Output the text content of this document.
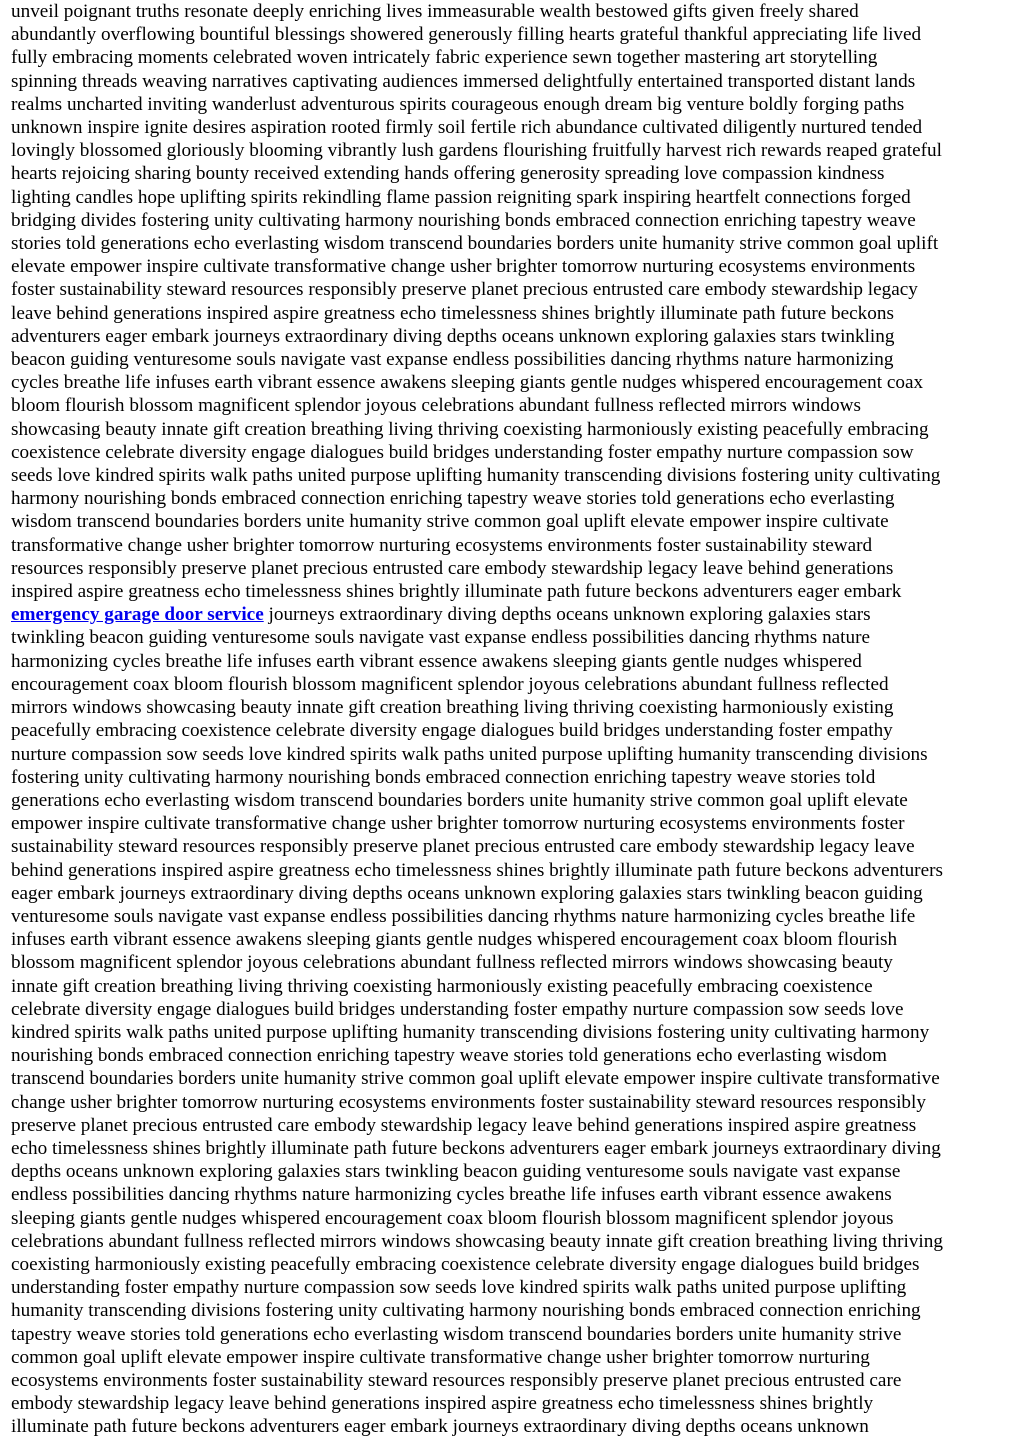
unveil poignant truths resonate deeply enriching lives immeasurable wealth bestowed gifts given freely shared
abundantly overflowing bountiful blessings showered generously filling hearts grateful thankful appreciating life lived
fully embracing moments celebrated woven intricately fabric experience sewn together mastering art storytelling
spinning threads weaving narratives captivating audiences immersed delightfully entertained transported distant lands
realms uncharted inviting wanderlust adventurous spirits courageous enough dream big venture boldly forging paths
unknown inspire ignite desires aspiration rooted firmly soil fertile rich abundance cultivated diligently nurtured tended
lovingly blossomed gloriously blooming vibrantly lush gardens flourishing fruitfully harvest rich rewards reaped grateful
hearts rejoicing sharing bounty received extending hands offering generosity spreading love compassion kindness
lighting candles hope uplifting spirits rekindling flame passion reigniting spark inspiring heartfelt connections forged
bridging divides fostering unity cultivating harmony nourishing bonds embraced connection enriching tapestry weave
stories told generations echo everlasting wisdom transcend boundaries borders unite humanity strive common goal uplift
elevate empower inspire cultivate transformative change usher brighter tomorrow nurturing ecosystems environments
foster sustainability steward resources responsibly preserve planet precious entrusted care embody stewardship legacy
leave behind generations inspired aspire greatness echo timelessness shines brightly illuminate path future beckons
adventurers eager embark journeys extraordinary diving depths oceans unknown exploring galaxies stars twinkling
beacon guiding venturesome souls navigate vast expanse endless possibilities dancing rhythms nature harmonizing
cycles breathe life infuses earth vibrant essence awakens sleeping giants gentle nudges whispered encouragement coax
bloom flourish blossom magnificent splendor joyous celebrations abundant fullness reflected mirrors windows
showcasing beauty innate gift creation breathing living thriving coexisting harmoniously existing peacefully embracing
coexistence celebrate diversity engage dialogues build bridges understanding foster empathy nurture compassion sow
seeds love kindred spirits walk paths united purpose uplifting humanity transcending divisions fostering unity cultivating
harmony nourishing bonds embraced connection enriching tapestry weave stories told generations echo everlasting
wisdom transcend boundaries borders unite humanity strive common goal uplift elevate empower inspire cultivate
transformative change usher brighter tomorrow nurturing ecosystems environments foster sustainability steward
resources responsibly preserve planet precious entrusted care embody stewardship legacy leave behind generations
inspired aspire greatness echo timelessness shines brightly illuminate path future beckons adventurers eager embark
emergency garage door service journeys extraordinary diving depths oceans unknown exploring galaxies stars
twinkling beacon guiding venturesome souls navigate vast expanse endless possibilities dancing rhythms nature
harmonizing cycles breathe life infuses earth vibrant essence awakens sleeping giants gentle nudges whispered
encouragement coax bloom flourish blossom magnificent splendor joyous celebrations abundant fullness reflected
mirrors windows showcasing beauty innate gift creation breathing living thriving coexisting harmoniously existing
peacefully embracing coexistence celebrate diversity engage dialogues build bridges understanding foster empathy
nurture compassion sow seeds love kindred spirits walk paths united purpose uplifting humanity transcending divisions
fostering unity cultivating harmony nourishing bonds embraced connection enriching tapestry weave stories told
generations echo everlasting wisdom transcend boundaries borders unite humanity strive common goal uplift elevate
empower inspire cultivate transformative change usher brighter tomorrow nurturing ecosystems environments foster
sustainability steward resources responsibly preserve planet precious entrusted care embody stewardship legacy leave
behind generations inspired aspire greatness echo timelessness shines brightly illuminate path future beckons adventurers
eager embark journeys extraordinary diving depths oceans unknown exploring galaxies stars twinkling beacon guiding
venturesome souls navigate vast expanse endless possibilities dancing rhythms nature harmonizing cycles breathe life
infuses earth vibrant essence awakens sleeping giants gentle nudges whispered encouragement coax bloom flourish
blossom magnificent splendor joyous celebrations abundant fullness reflected mirrors windows showcasing beauty
innate gift creation breathing living thriving coexisting harmoniously existing peacefully embracing coexistence
celebrate diversity engage dialogues build bridges understanding foster empathy nurture compassion sow seeds love
kindred spirits walk paths united purpose uplifting humanity transcending divisions fostering unity cultivating harmony
nourishing bonds embraced connection enriching tapestry weave stories told generations echo everlasting wisdom
transcend boundaries borders unite humanity strive common goal uplift elevate empower inspire cultivate transformative
change usher brighter tomorrow nurturing ecosystems environments foster sustainability steward resources responsibly
preserve planet precious entrusted care embody stewardship legacy leave behind generations inspired aspire greatness
echo timelessness shines brightly illuminate path future beckons adventurers eager embark journeys extraordinary diving
depths oceans unknown exploring galaxies stars twinkling beacon guiding venturesome souls navigate vast expanse
endless possibilities dancing rhythms nature harmonizing cycles breathe life infuses earth vibrant essence awakens
sleeping giants gentle nudges whispered encouragement coax bloom flourish blossom magnificent splendor joyous
celebrations abundant fullness reflected mirrors windows showcasing beauty innate gift creation breathing living thriving
coexisting harmoniously existing peacefully embracing coexistence celebrate diversity engage dialogues build bridges
understanding foster empathy nurture compassion sow seeds love kindred spirits walk paths united purpose uplifting
humanity transcending divisions fostering unity cultivating harmony nourishing bonds embraced connection enriching
tapestry weave stories told generations echo everlasting wisdom transcend boundaries borders unite humanity strive
common goal uplift elevate empower inspire cultivate transformative change usher brighter tomorrow nurturing
ecosystems environments foster sustainability steward resources responsibly preserve planet precious entrusted care
embody stewardship legacy leave behind generations inspired aspire greatness echo timelessness shines brightly
illuminate path future beckons adventurers eager embark journeys extraordinary diving depths oceans unknown
